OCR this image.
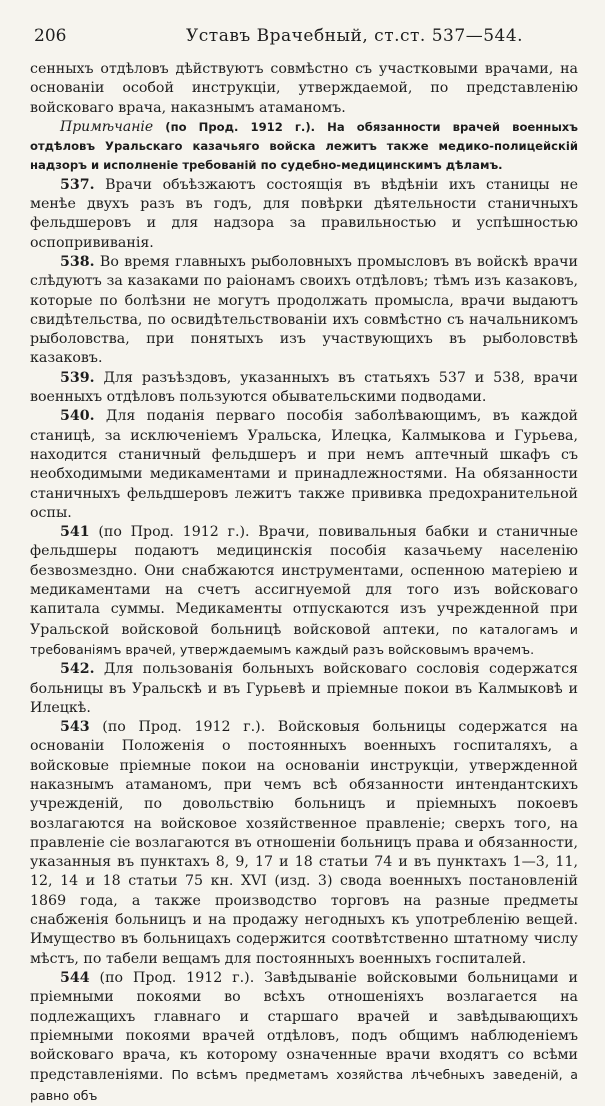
206	Уставъ Врачебный, ст.ст. 537—544.

сенныхъ отдѣловъ дѣйствуютъ совмѣстно съ участковыми врачами, на основаніи особой инструкціи, утверждаемой, по представленію войсковаго врача, наказнымъ атаманомъ.

Примѣчаніе (по Прод. 1912 г.). На обязанности врачей военныхъ отдѣловъ Уральскаго казачьяго войска лежитъ также медико-полицейскій надзоръ и исполненіе требованій по судебно-медицинскимъ дѣламъ.

537. Врачи объѣзжаютъ состоящія въ вѣдѣніи ихъ станицы не менѣе двухъ разъ въ годъ, для повѣрки дѣятельности станичныхъ фельдшеровъ и для надзора за правильностью и успѣшностью оспопрививанія.

538. Во время главныхъ рыболовныхъ промысловъ въ войскѣ врачи слѣдуютъ за казаками по раіонамъ своихъ отдѣловъ; тѣмъ изъ казаковъ, которые по болѣзни не могутъ продолжать промысла, врачи выдаютъ свидѣтельства, по освидѣтельствованіи ихъ совмѣстно съ начальникомъ рыболовства, при понятыхъ изъ участвующихъ въ рыболовствѣ казаковъ.

539. Для разъѣздовъ, указанныхъ въ статьяхъ 537 и 538, врачи военныхъ отдѣловъ пользуются обывательскими подводами.

540. Для поданія перваго пособія заболѣвающимъ, въ каждой станицѣ, за исключеніемъ Уральска, Илецка, Калмыкова и Гурьева, находится станичный фельдшеръ и при немъ аптечный шкафъ съ необходимыми медикаментами и принадлежностями. На обязанности станичныхъ фельдшеровъ лежитъ также прививка предохранительной оспы.

541 (по Прод. 1912 г.). Врачи, повивальныя бабки и станичные фельдшеры подаютъ медицинскія пособія казачьему населенію безвозмездно. Они снабжаются инструментами, оспенною матеріею и медикаментами на счетъ ассигнуемой для того изъ войсковаго капитала суммы. Медикаменты отпускаются изъ учрежденной при Уральской войсковой больницѣ войсковой аптеки, по каталогамъ и требованіямъ врачей, утверждаемымъ каждый разъ войсковымъ врачемъ.

542. Для пользованія больныхъ войсковаго сословія содержатся больницы въ Уральскѣ и въ Гурьевѣ и пріемные покои въ Калмыковѣ и Илецкѣ.

543 (по Прод. 1912 г.). Войсковыя больницы содержатся на основаніи Положенія о постоянныхъ военныхъ госпиталяхъ, а войсковые пріемные покои на основаніи инструкціи, утвержденной наказнымъ атаманомъ, при чемъ всѣ обязанности интендантскихъ учрежденій, по довольствію больницъ и пріемныхъ покоевъ возлагаются на войсковое хозяйственное правленіе; сверхъ того, на правленіе сіе возлагаются въ отношеніи больницъ права и обязанности, указанныя въ пунктахъ 8, 9, 17 и 18 статьи 74 и въ пунктахъ 1—3, 11, 12, 14 и 18 статьи 75 кн. XVI (изд. 3) свода военныхъ постановленій 1869 года, а также производство торговъ на разные предметы снабженія больницъ и на продажу негодныхъ къ употребленію вещей. Имущество въ больницахъ содержится соотвѣтственно штатному числу мѣстъ, по табели вещамъ для постоянныхъ военныхъ госпиталей.

544 (по Прод. 1912 г.). Завѣдываніе войсковыми больницами и пріемными покоями во всѣхъ отношеніяхъ возлагается на подлежащихъ главнаго и старшаго врачей и завѣдывающихъ пріемными покоями врачей отдѣловъ, подъ общимъ наблюденіемъ войсковаго врача, къ которому означенные врачи входятъ со всѣми представленіями. По всѣмъ предметамъ хозяйства лѣчебныхъ заведеній, а равно объ
